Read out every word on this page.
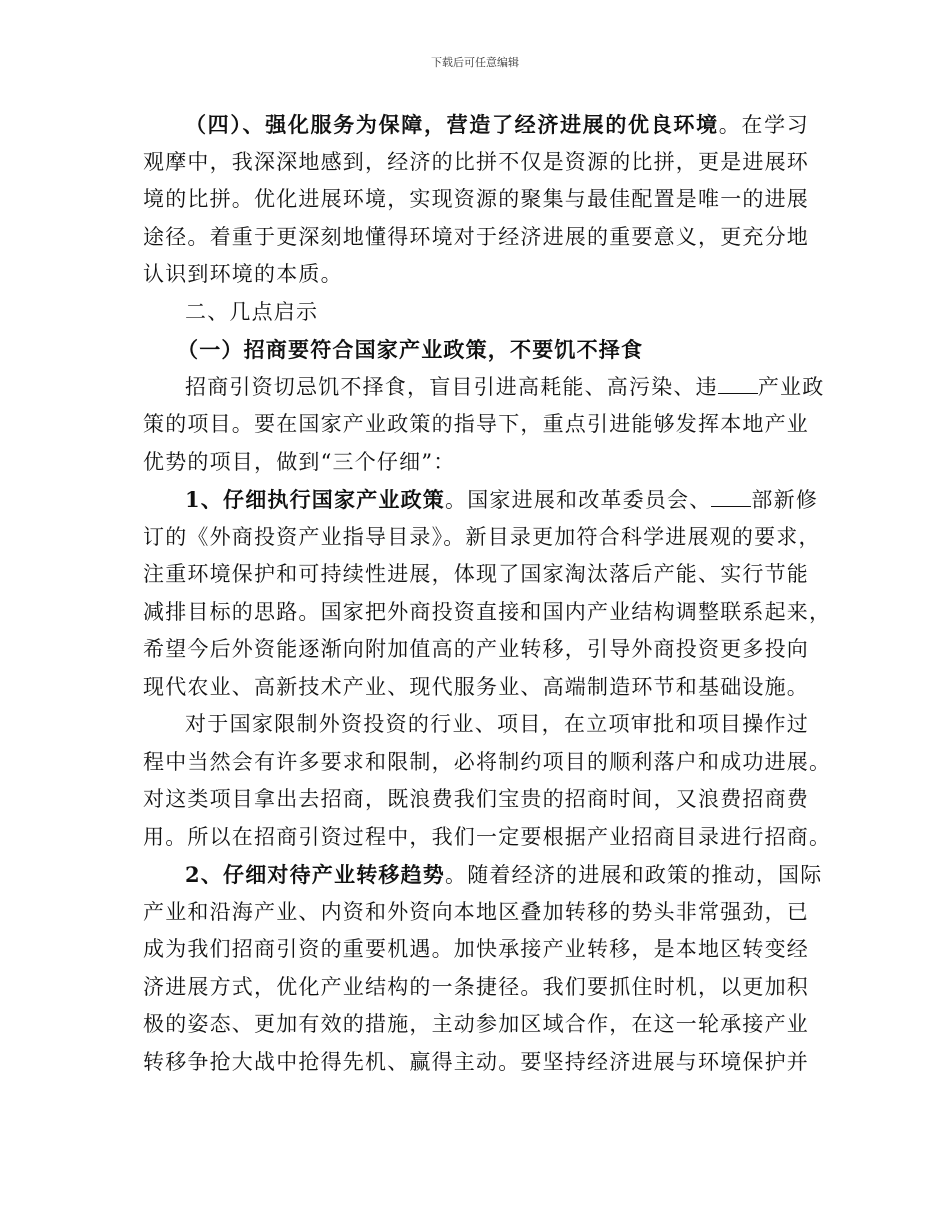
下载后可任意编辑
（四）、强化服务为保障，营造了经济进展的优良环境。在学习
观摩中，我深深地感到，经济的比拼不仅是资源的比拼，更是进展环
境的比拼。优化进展环境，实现资源的聚集与最佳配置是唯一的进展
途径。着重于更深刻地懂得环境对于经济进展的重要意义，更充分地
认识到环境的本质。
二、几点启示
（一）招商要符合国家产业政策，不要饥不择食
招商引资切忌饥不择食，盲目引进高耗能、高污染、违 产业政
策的项目。要在国家产业政策的指导下，重点引进能够发挥本地产业
优势的项目，做到“三个仔细”：
1、仔细执行国家产业政策。国家进展和改革委员会、 部新修
订的《外商投资产业指导目录》。新目录更加符合科学进展观的要求，
注重环境保护和可持续性进展，体现了国家淘汰落后产能、实行节能
减排目标的思路。国家把外商投资直接和国内产业结构调整联系起来，
希望今后外资能逐渐向附加值高的产业转移，引导外商投资更多投向
现代农业、高新技术产业、现代服务业、高端制造环节和基础设施。
对于国家限制外资投资的行业、项目，在立项审批和项目操作过
程中当然会有许多要求和限制，必将制约项目的顺利落户和成功进展。
对这类项目拿出去招商，既浪费我们宝贵的招商时间，又浪费招商费
用。所以在招商引资过程中，我们一定要根据产业招商目录进行招商。
2、仔细对待产业转移趋势。随着经济的进展和政策的推动，国际
产业和沿海产业、内资和外资向本地区叠加转移的势头非常强劲，已
成为我们招商引资的重要机遇。加快承接产业转移，是本地区转变经
济进展方式，优化产业结构的一条捷径。我们要抓住时机，以更加积
极的姿态、更加有效的措施，主动参加区域合作，在这一轮承接产业
转移争抢大战中抢得先机、赢得主动。要坚持经济进展与环境保护并
